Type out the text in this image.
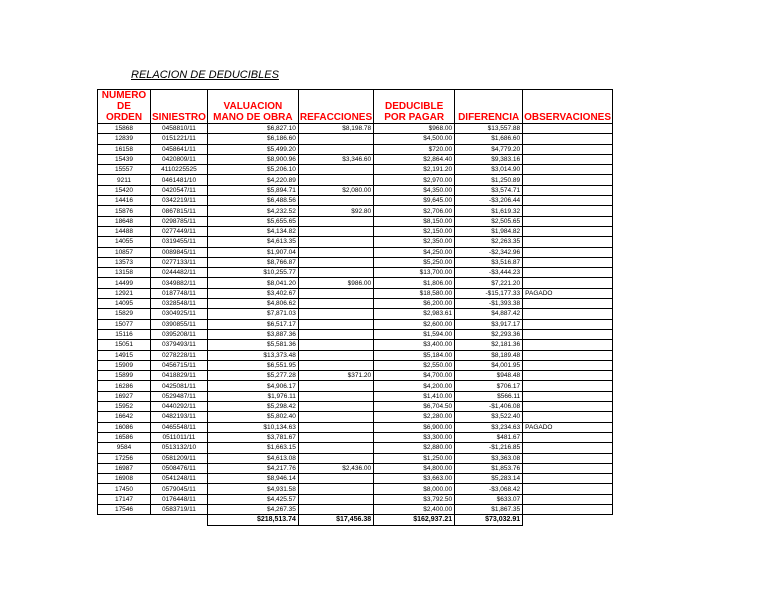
RELACION DE DEDUCIBLES
NUMERO DE ORDEN	SINIESTRO	VALUACION MANO DE OBRA	REFACCIONES	DEDUCIBLE POR PAGAR	DIFERENCIA	OBSERVACIONES
15868	0458810/11	$6,827.10	$8,198.78	$968.00	$13,557.88	
12839	0151221/11	$6,186.60		$4,500.00	$1,686.60	
16158	0458641/11	$5,499.20		$720.00	$4,779.20	
15439	0420809/11	$8,900.96	$3,346.60	$2,864.40	$9,383.16	
15557	4110225525	$5,206.10		$2,191.20	$3,014.90	
9211	0461481/10	$4,220.89		$2,970.00	$1,250.89	
15420	0420547/11	$5,894.71	$2,080.00	$4,350.00	$3,574.71	
14416	0342219/11	$6,488.56		$9,645.00	-$3,206.44	
15876	0867815/11	$4,232.52	$92.80	$2,706.00	$1,619.32	
18648	0298785/11	$5,655.65		$8,150.00	$2,505.65	
14488	0277449/11	$4,134.82		$2,150.00	$1,984.82	
14055	0319455/11	$4,613.35		$2,350.00	$2,263.35	
10857	0089845/11	$1,907.04		$4,250.00	-$2,342.96	
13573	0277133/11	$8,766.87		$5,250.00	$3,516.87	
13158	0244482/11	$10,255.77		$13,700.00	-$3,444.23	
14499	0349882/11	$8,041.20	$986.00	$1,806.00	$7,221.20	
12921	0187748/11	$3,402.67		$18,580.00	-$15,177.33	PAGADO
14095	0328548/11	$4,806.62		$6,200.00	-$1,393.38	
15829	0304925/11	$7,871.03		$2,983.61	$4,887.42	
15077	0390855/11	$6,517.17		$2,600.00	$3,917.17	
15116	0395208/11	$3,887.36		$1,594.00	$2,293.36	
15051	0379493/11	$5,581.36		$3,400.00	$2,181.36	
14915	0278228/11	$13,373.48		$5,184.00	$8,189.48	
15909	0456715/11	$6,551.95		$2,550.00	$4,001.95	
15899	0418829/11	$5,277.28	$371.20	$4,700.00	$948.48	
16286	0425081/11	$4,906.17		$4,200.00	$706.17	
16927	0529487/11	$1,976.11		$1,410.00	$566.11	
15952	0440292/11	$5,298.42		$6,704.50	-$1,406.08	
16642	0482193/11	$5,802.40		$2,280.00	$3,522.40	
16086	0465548/11	$10,134.63		$6,900.00	$3,234.63	PAGADO
16586	0511011/11	$3,781.67		$3,300.00	$481.67	
9584	0513132/10	$1,663.15		$2,880.00	-$1,216.85	
17256	0581209/11	$4,613.08		$1,250.00	$3,363.08	
16987	0508476/11	$4,217.76	$2,436.00	$4,800.00	$1,853.76	
16908	0541248/11	$8,946.14		$3,663.00	$5,283.14	
17450	0579045/11	$4,931.58		$8,000.00	-$3,068.42	
17147	0176448/11	$4,425.57		$3,792.50	$633.07	
17546	0583719/11	$4,267.35		$2,400.00	$1,867.35	
		$218,513.74	$17,456.38	$162,937.21	$73,032.91	
